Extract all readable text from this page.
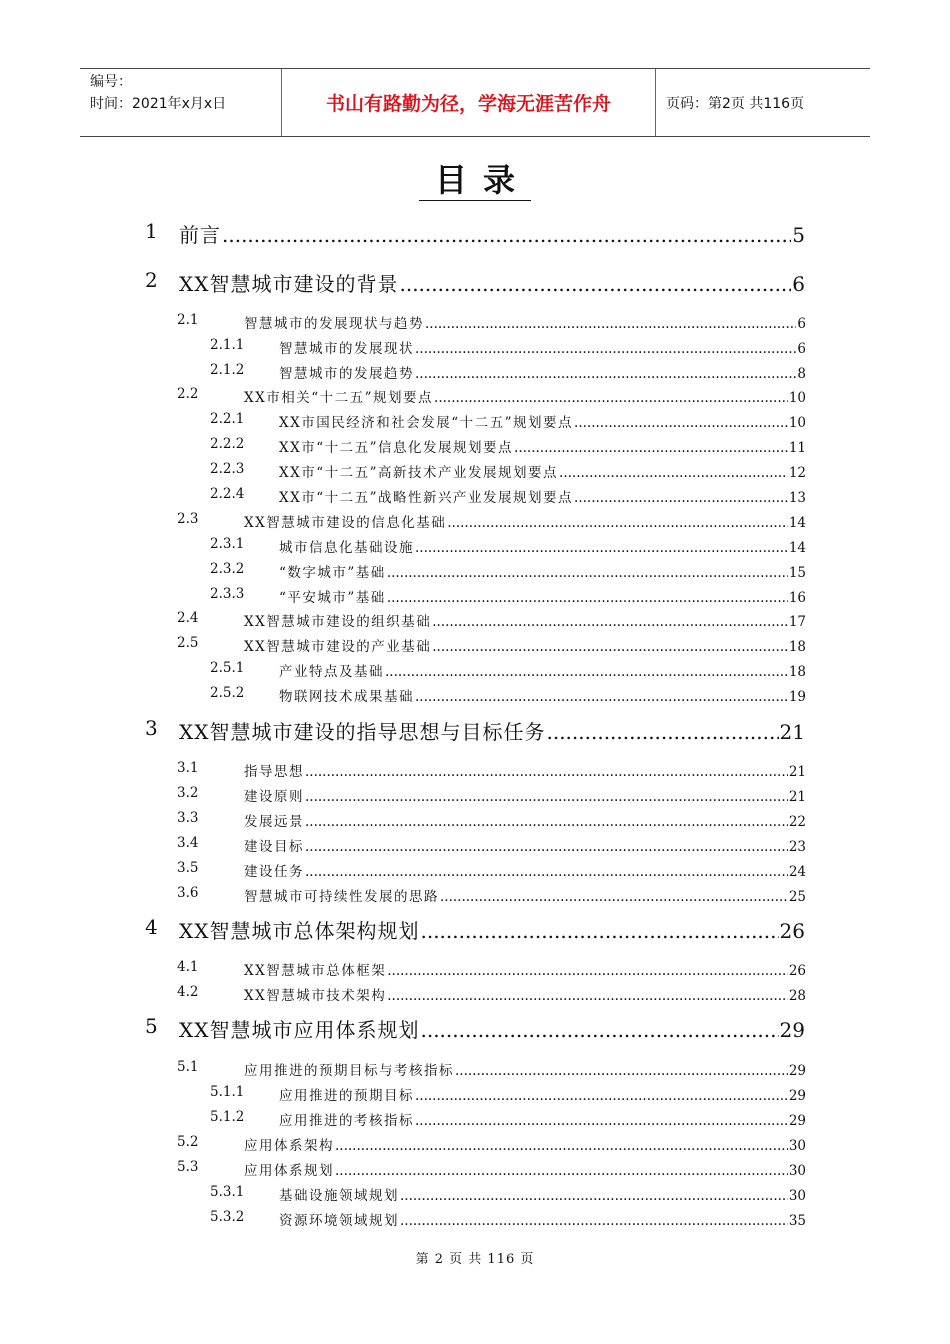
编号：
时间：2021年x月x日	书山有路勤为径，学海无涯苦作舟	页码：第2页 共116页
目录
1	前言 .....	5
2	XX智慧城市建设的背景 .....	6
2.1	智慧城市的发展现状与趋势 .....	6
2.1.1	智慧城市的发展现状 .....	6
2.1.2	智慧城市的发展趋势 .....	8
2.2	XX市相关“十二五”规划要点 .....	10
2.2.1	XX市国民经济和社会发展“十二五”规划要点 .....	10
2.2.2	XX市“十二五”信息化发展规划要点 .....	11
2.2.3	XX市“十二五”高新技术产业发展规划要点 .....	12
2.2.4	XX市“十二五”战略性新兴产业发展规划要点 .....	13
2.3	XX智慧城市建设的信息化基础 .....	14
2.3.1	城市信息化基础设施 .....	14
2.3.2	“数字城市”基础 .....	15
2.3.3	“平安城市”基础 .....	16
2.4	XX智慧城市建设的组织基础 .....	17
2.5	XX智慧城市建设的产业基础 .....	18
2.5.1	产业特点及基础 .....	18
2.5.2	物联网技术成果基础 .....	19
3	XX智慧城市建设的指导思想与目标任务 .....	21
3.1	指导思想 .....	21
3.2	建设原则 .....	21
3.3	发展远景 .....	22
3.4	建设目标 .....	23
3.5	建设任务 .....	24
3.6	智慧城市可持续性发展的思路 .....	25
4	XX智慧城市总体架构规划 .....	26
4.1	XX智慧城市总体框架 .....	26
4.2	XX智慧城市技术架构 .....	28
5	XX智慧城市应用体系规划 .....	29
5.1	应用推进的预期目标与考核指标 .....	29
5.1.1	应用推进的预期目标 .....	29
5.1.2	应用推进的考核指标 .....	29
5.2	应用体系架构 .....	30
5.3	应用体系规划 .....	30
5.3.1	基础设施领域规划 .....	30
5.3.2	资源环境领域规划 .....	35
第 2 页 共 116 页
